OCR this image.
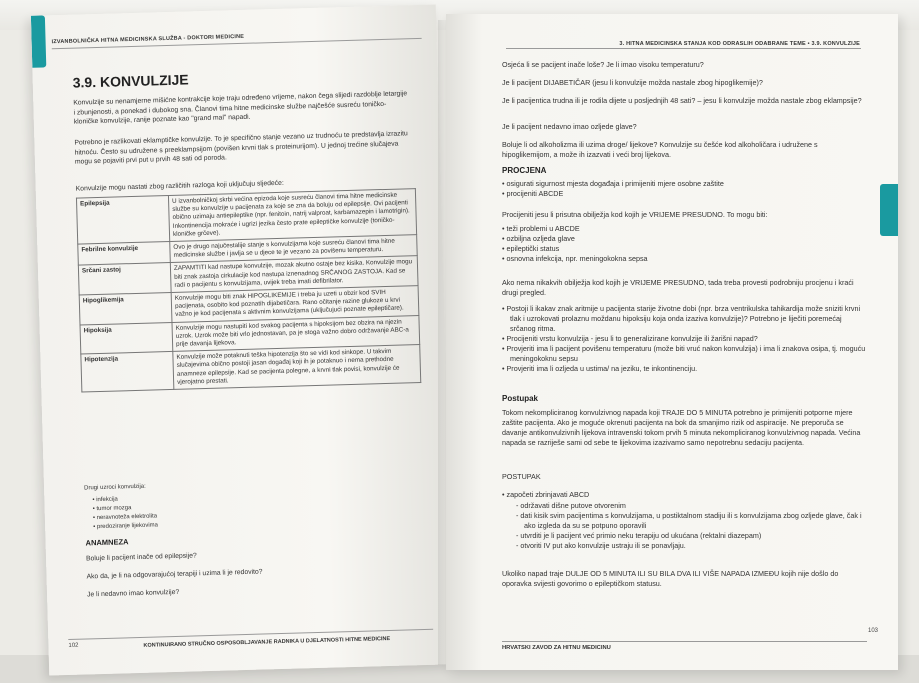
IZVANBOLNIČKA HITNA MEDICINSKA SLUŽBA - DOKTORI MEDICINE
3.9. KONVULZIJE

Konvulzije su nenamjerne mišićne kontrakcije koje traju određeno vrijeme, nakon čega slijedi razdoblje letargije i zbunjenosti, a ponekad i dubokog sna. Članovi tima hitne medicinske službe najčešće susreću toničko- kloničke konvulzije, ranije poznate kao "grand mal" napadi.

Potrebno je razlikovati eklamptičke konvulzije. To je specifično stanje vezano uz trudnoću te predstavlja izrazitu hitnoću. Često su udružene s preeklampsijom (povišen krvni tlak s proteinurijom). U jednoj trećine slučajeva mogu se pojaviti prvi put u prvih 48 sati od poroda.

Konvulzije mogu nastati zbog različitih razloga koji uključuju sljedeće:

Epilepsija	U izvanbolničkoj skrbi većina epizoda koje susreću članovi tima hitne medicinske službe su konvulzije u pacijenata za koje se zna da boluju od epilepsije. Ovi pacijenti obično uzimaju antiepileptike (npr. fenitoin, natrij valproat, karbamazepin i lamotrigin). Inkontinencija mokraće i ugrizi jezika često prate epileptičke konvulzije (toničko- kloničke grčeve).
Febrilne konvulzije	Ovo je drugo najučestalije stanje s konvulzijama koje susreću članovi tima hitne medicinske službe i javlja se u djece te je vezano za povišenu temperaturu.
Srčani zastoj	ZAPAMTITI kad nastupe konvulzije, mozak akutno ostaje bez kisika. Konvulzije mogu biti znak zastoja cirkulacije kod nastupa iznenadnog SRČANOG ZASTOJA. Kad se radi o pacijentu s konvulzijama, uvijek treba imati defibrilator.
Hipoglikemija	Konvulzije mogu biti znak HIPOGLIKEMIJE i treba ju uzeti u obzir kod SVIH pacijenata, osobito kod poznatih dijabetičara. Rano očitanje razine glukoze u krvi važno je kod pacijenata s aktivnim konvulzijama (uključujući poznate epileptičare).
Hipoksija	Konvulzije mogu nastupiti kod svakog pacijenta s hipoksijom bez obzira na njezin uzrok. Uzrok može biti vrlo jednostavan, pa je stoga važno dobro održavanje ABC-a prije davanja lijekova.
Hipotenzija	Konvulzije može potaknuti teška hipotenzija što se vidi kod sinkope. U takvim slučajevima obično postoji jasan događaj koji ih je potaknuo i nema prethodne anamneze epilepsije. Kad se pacijenta polegne, a krvni tlak povisi, konvulzije će vjerojatno prestati.

Drugi uzroci konvulzija:

• infekcija
• tumor mozga
• neravnoteža elektrolita
• predoziranje lijekovima
ANAMNEZA

Boluje li pacijent inače od epilepsije?

Ako da, je li na odgovarajućoj terapiji i uzima li je redovito?

Je li nedavno imao konvulzije?

102	KONTINUIRANO STRUČNO OSPOSOBLJAVANJE RADNIKA U DJELATNOSTI HITNE MEDICINE
3. HITNA MEDICINSKA STANJA KOD ODRASLIH ODABRANE TEME • 3.9. KONVULZIJE

Osjeća li se pacijent inače loše? Je li imao visoku temperaturu?

Je li pacijent DIJABETIČAR (jesu li konvulzije možda nastale zbog hipoglikemije)?

Je li pacijentica trudna ili je rodila dijete u posljednjih 48 sati? – jesu li konvulzije možda nastale zbog eklampsije?

Je li pacijent nedavno imao ozljede glave?

Boluje li od alkoholizma ili uzima droge/ lijekove? Konvulzije su češće kod alkoholičara i udružene s hipoglikemijom, a može ih izazvati i veći broj lijekova.

PROCJENA
• osigurati sigurnost mjesta događaja i primijeniti mjere osobne zaštite
• procijeniti ABCDE

Procijeniti jesu li prisutna obilježja kod kojih je VRIJEME PRESUDNO. To mogu biti:

• teži problemi u ABCDE
• ozbiljna ozljeda glave
• epileptički status
• osnovna infekcija, npr. meningokokna sepsa

Ako nema nikakvih obilježja kod kojih je VRIJEME PRESUDNO, tada treba provesti podrobniju procjenu i kraći drugi pregled.

• Postoji li ikakav znak aritmije u pacijenta starije životne dobi (npr. brza ventrikulska tahikardija može sniziti krvni tlak i uzrokovati prolaznu moždanu hipoksiju koja onda izaziva konvulzije)? Potrebno je liječiti poremećaj srčanog ritma.
• Procijeniti vrstu konvulzija - jesu li to generalizirane konvulzije ili žarišni napad?
• Provjeriti ima li pacijent povišenu temperaturu (može biti vruć nakon konvulzija) i ima li znakova osipa, tj. moguću meningokoknu sepsu
• Provjeriti ima li ozljeda u ustima/ na jeziku, te inkontinenciju.
Postupak

Tokom nekompliciranog konvulzivnog napada koji TRAJE DO 5 MINUTA potrebno je primijeniti potporne mjere zaštite pacijenta. Ako je moguće okrenuti pacijenta na bok da smanjimo rizik od aspiracije. Ne preporuča se davanje antikonvulzivnih lijekova intravenski tokom prvih 5 minuta nekompliciranog konvulzivnog napada. Većina napada se razriješe sami od sebe te lijekovima izazivamo samo nepotrebnu sedaciju pacijenta.

POSTUPAK
• započeti zbrinjavati ABCD
- održavati dišne putove otvorenim
- dati kisik svim pacijentima s konvulzijama, u postiktalnom stadiju ili s konvulzijama zbog ozljede glave, čak i ako izgleda da su se potpuno oporavili
- utvrditi je li pacijent već primio neku terapiju od ukućana (rektalni diazepam)
- otvoriti IV put ako konvulzije ustraju ili se ponavljaju.

Ukoliko napad traje DULJE OD 5 MINUTA ILI SU BILA DVA ILI VIŠE NAPADA IZMEĐU kojih nije došlo do oporavka svijesti govorimo o epileptičkom statusu.

HRVATSKI ZAVOD ZA HITNU MEDICINU
103
